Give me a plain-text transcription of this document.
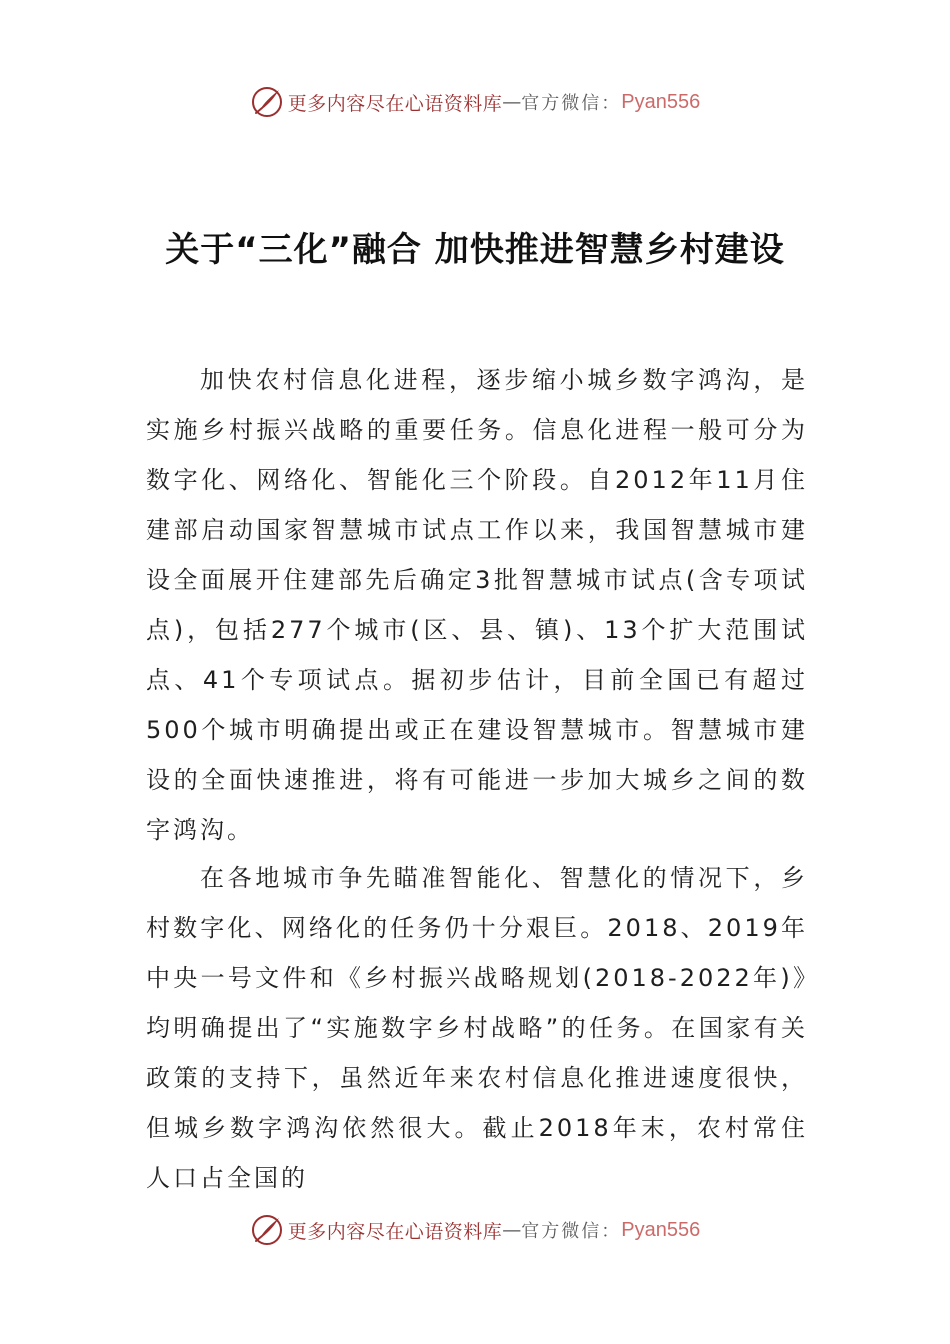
更多内容尽在心语资料库 — 官方微信： Pyan556
关于“三化”融合 加快推进智慧乡村建设

加快农村信息化进程，逐步缩小城乡数字鸿沟，是实施乡村振兴战略的重要任务。信息化进程一般可分为数字化、网络化、智能化三个阶段。自2012年11月住建部启动国家智慧城市试点工作以来，我国智慧城市建设全面展开住建部先后确定3批智慧城市试点(含专项试点)，包括277个城市(区、县、镇)、13个扩大范围试点、41个专项试点。据初步估计，目前全国已有超过500个城市明确提出或正在建设智慧城市。智慧城市建设的全面快速推进，将有可能进一步加大城乡之间的数字鸿沟。

在各地城市争先瞄准智能化、智慧化的情况下，乡村数字化、网络化的任务仍十分艰巨。2018、2019年中央一号文件和《乡村振兴战略规划(2018-2022年)》均明确提出了“实施数字乡村战略”的任务。在国家有关政策的支持下，虽然近年来农村信息化推进速度很快，但城乡数字鸿沟依然很大。截止2018年末，农村常住人口占全国的

更多内容尽在心语资料库 — 官方微信： Pyan556
